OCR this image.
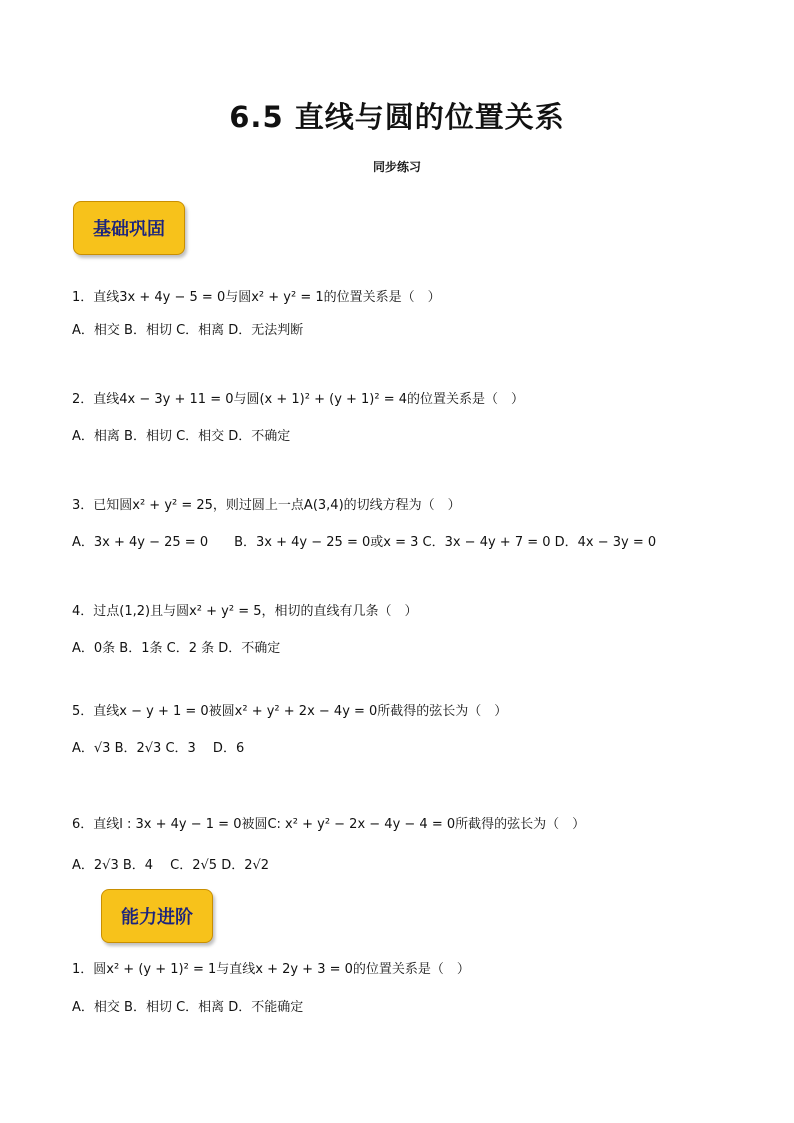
6.5 直线与圆的位置关系
同步练习
基础巩固
1．直线3x + 4y − 5 = 0与圆x² + y² = 1的位置关系是（　）
A．相交 B．相切 C．相离 D．无法判断
2．直线4x − 3y + 11 = 0与圆(x + 1)² + (y + 1)² = 4的位置关系是（　）
A．相离 B．相切 C．相交 D．不确定
3．已知圆x² + y² = 25，则过圆上一点A(3,4)的切线方程为（　）
A．3x + 4y − 25 = 0　　B．3x + 4y − 25 = 0或x = 3 C．3x − 4y + 7 = 0 D．4x − 3y = 0
4．过点(1,2)且与圆x² + y² = 5，相切的直线有几条（　）
A．0条 B．1条 C．2 条 D．不确定
5．直线x − y + 1 = 0被圆x² + y² + 2x − 4y = 0所截得的弦长为（　）
A．√3 B．2√3 C．3　 D．6
6．直线l : 3x + 4y − 1 = 0被圆C: x² + y² − 2x − 4y − 4 = 0所截得的弦长为（　）
A．2√3 B．4　 C．2√5 D．2√2
能力进阶
1．圆x² + (y + 1)² = 1与直线x + 2y + 3 = 0的位置关系是（　）
A．相交 B．相切 C．相离 D．不能确定
